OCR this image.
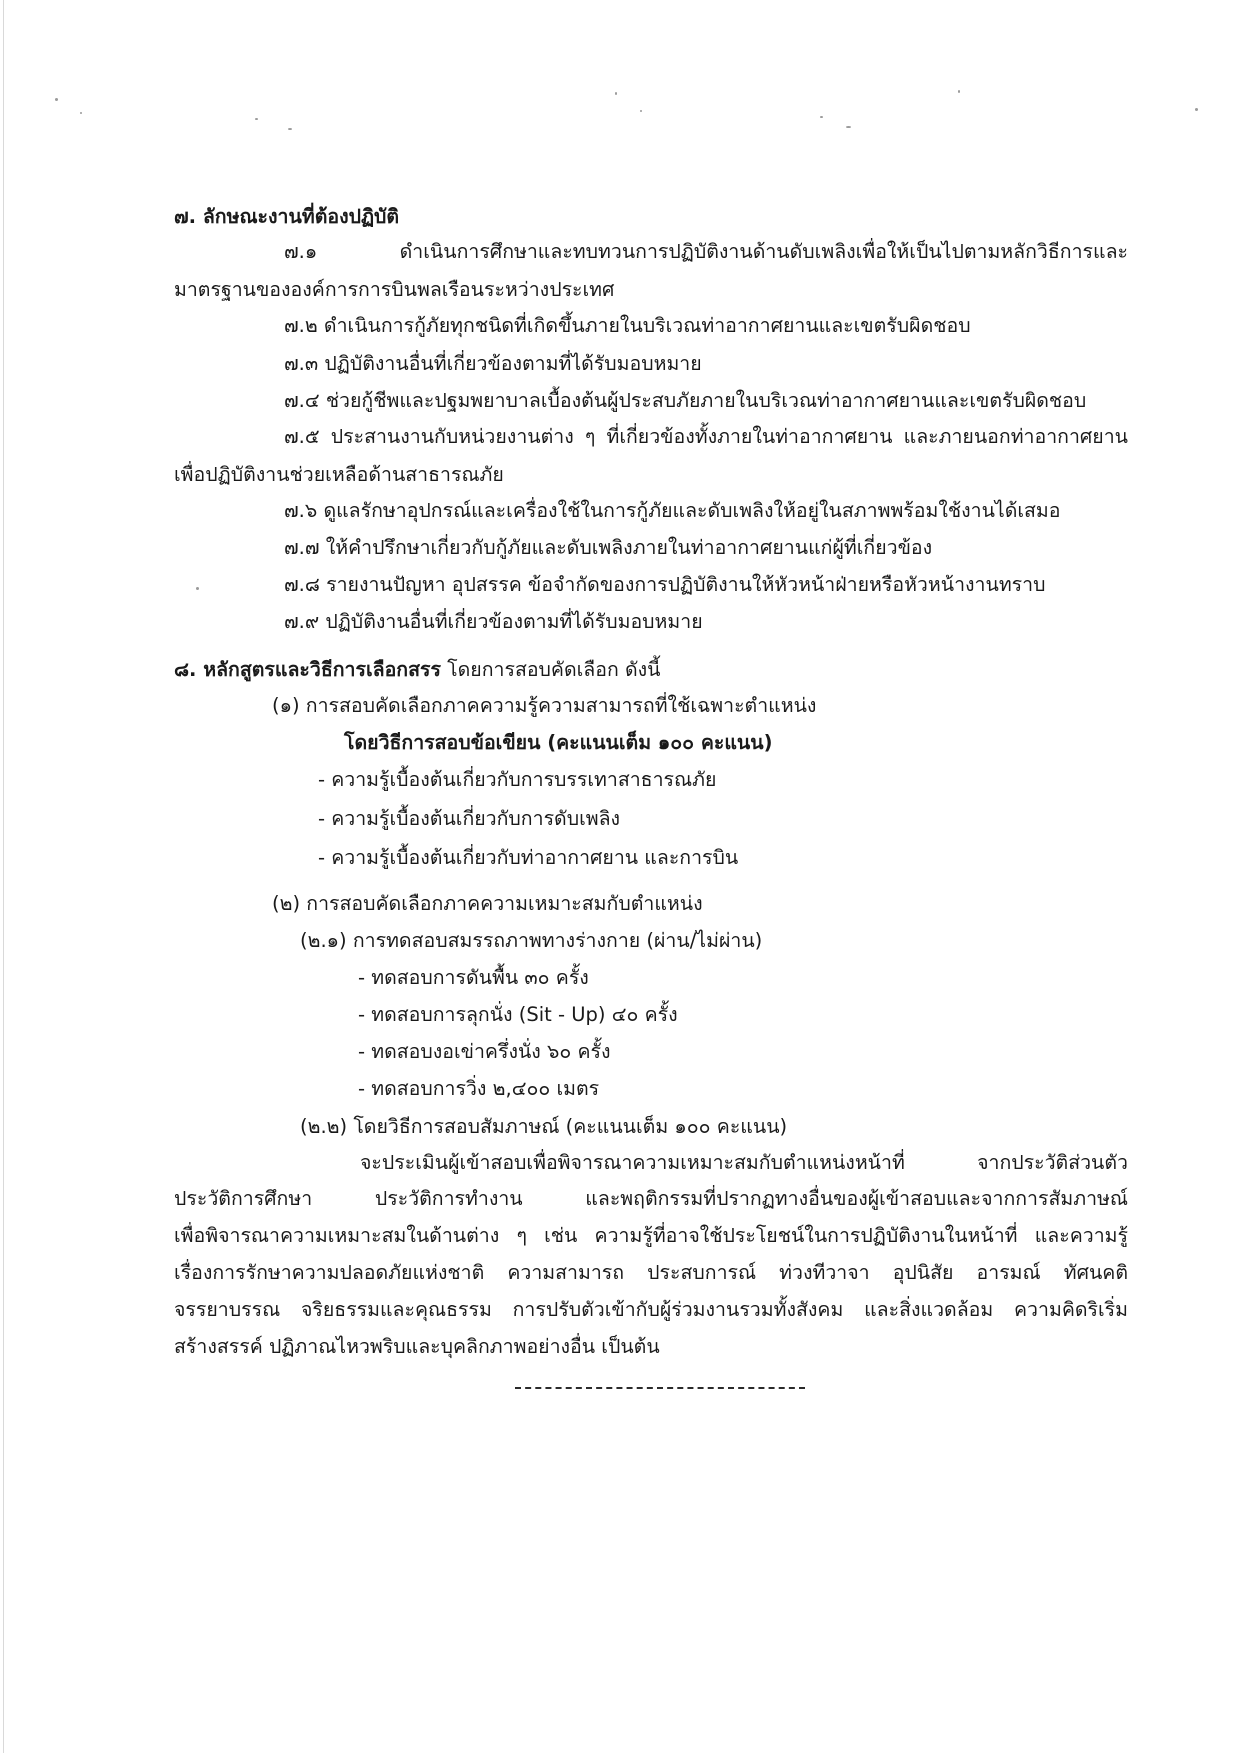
๗. ลักษณะงานที่ต้องปฏิบัติ
๗.๑ ดำเนินการศึกษาและทบทวนการปฏิบัติงานด้านดับเพลิงเพื่อให้เป็นไปตามหลักวิธีการและ
มาตรฐานขององค์การการบินพลเรือนระหว่างประเทศ
๗.๒ ดำเนินการกู้ภัยทุกชนิดที่เกิดขึ้นภายในบริเวณท่าอากาศยานและเขตรับผิดชอบ
๗.๓ ปฏิบัติงานอื่นที่เกี่ยวข้องตามที่ได้รับมอบหมาย
๗.๔ ช่วยกู้ชีพและปฐมพยาบาลเบื้องต้นผู้ประสบภัยภายในบริเวณท่าอากาศยานและเขตรับผิดชอบ
๗.๕ ประสานงานกับหน่วยงานต่าง ๆ ที่เกี่ยวข้องทั้งภายในท่าอากาศยาน และภายนอกท่าอากาศยาน
เพื่อปฏิบัติงานช่วยเหลือด้านสาธารณภัย
๗.๖ ดูแลรักษาอุปกรณ์และเครื่องใช้ในการกู้ภัยและดับเพลิงให้อยู่ในสภาพพร้อมใช้งานได้เสมอ
๗.๗ ให้คำปรึกษาเกี่ยวกับกู้ภัยและดับเพลิงภายในท่าอากาศยานแก่ผู้ที่เกี่ยวข้อง
๗.๘ รายงานปัญหา อุปสรรค ข้อจำกัดของการปฏิบัติงานให้หัวหน้าฝ่ายหรือหัวหน้างานทราบ
๗.๙ ปฏิบัติงานอื่นที่เกี่ยวข้องตามที่ได้รับมอบหมาย
๘. หลักสูตรและวิธีการเลือกสรร โดยการสอบคัดเลือก ดังนี้
(๑) การสอบคัดเลือกภาคความรู้ความสามารถที่ใช้เฉพาะตำแหน่ง
โดยวิธีการสอบข้อเขียน (คะแนนเต็ม ๑๐๐ คะแนน)
- ความรู้เบื้องต้นเกี่ยวกับการบรรเทาสาธารณภัย
- ความรู้เบื้องต้นเกี่ยวกับการดับเพลิง
- ความรู้เบื้องต้นเกี่ยวกับท่าอากาศยาน และการบิน
(๒) การสอบคัดเลือกภาคความเหมาะสมกับตำแหน่ง
(๒.๑) การทดสอบสมรรถภาพทางร่างกาย (ผ่าน/ไม่ผ่าน)
- ทดสอบการดันพื้น ๓๐ ครั้ง
- ทดสอบการลุกนั่ง (Sit - Up) ๔๐ ครั้ง
- ทดสอบงอเข่าครึ่งนั่ง ๖๐ ครั้ง
- ทดสอบการวิ่ง ๒,๔๐๐ เมตร
(๒.๒) โดยวิธีการสอบสัมภาษณ์ (คะแนนเต็ม ๑๐๐ คะแนน)
จะประเมินผู้เข้าสอบเพื่อพิจารณาความเหมาะสมกับตำแหน่งหน้าที่ จากประวัติส่วนตัว
ประวัติการศึกษา ประวัติการทำงาน และพฤติกรรมที่ปรากฏทางอื่นของผู้เข้าสอบและจากการสัมภาษณ์
เพื่อพิจารณาความเหมาะสมในด้านต่าง ๆ เช่น ความรู้ที่อาจใช้ประโยชน์ในการปฏิบัติงานในหน้าที่ และความรู้
เรื่องการรักษาความปลอดภัยแห่งชาติ ความสามารถ ประสบการณ์ ท่วงทีวาจา อุปนิสัย อารมณ์ ทัศนคติ
จรรยาบรรณ จริยธรรมและคุณธรรม การปรับตัวเข้ากับผู้ร่วมงานรวมทั้งสังคม และสิ่งแวดล้อม ความคิดริเริ่ม
สร้างสรรค์ ปฏิภาณไหวพริบและบุคลิกภาพอย่างอื่น เป็นต้น
